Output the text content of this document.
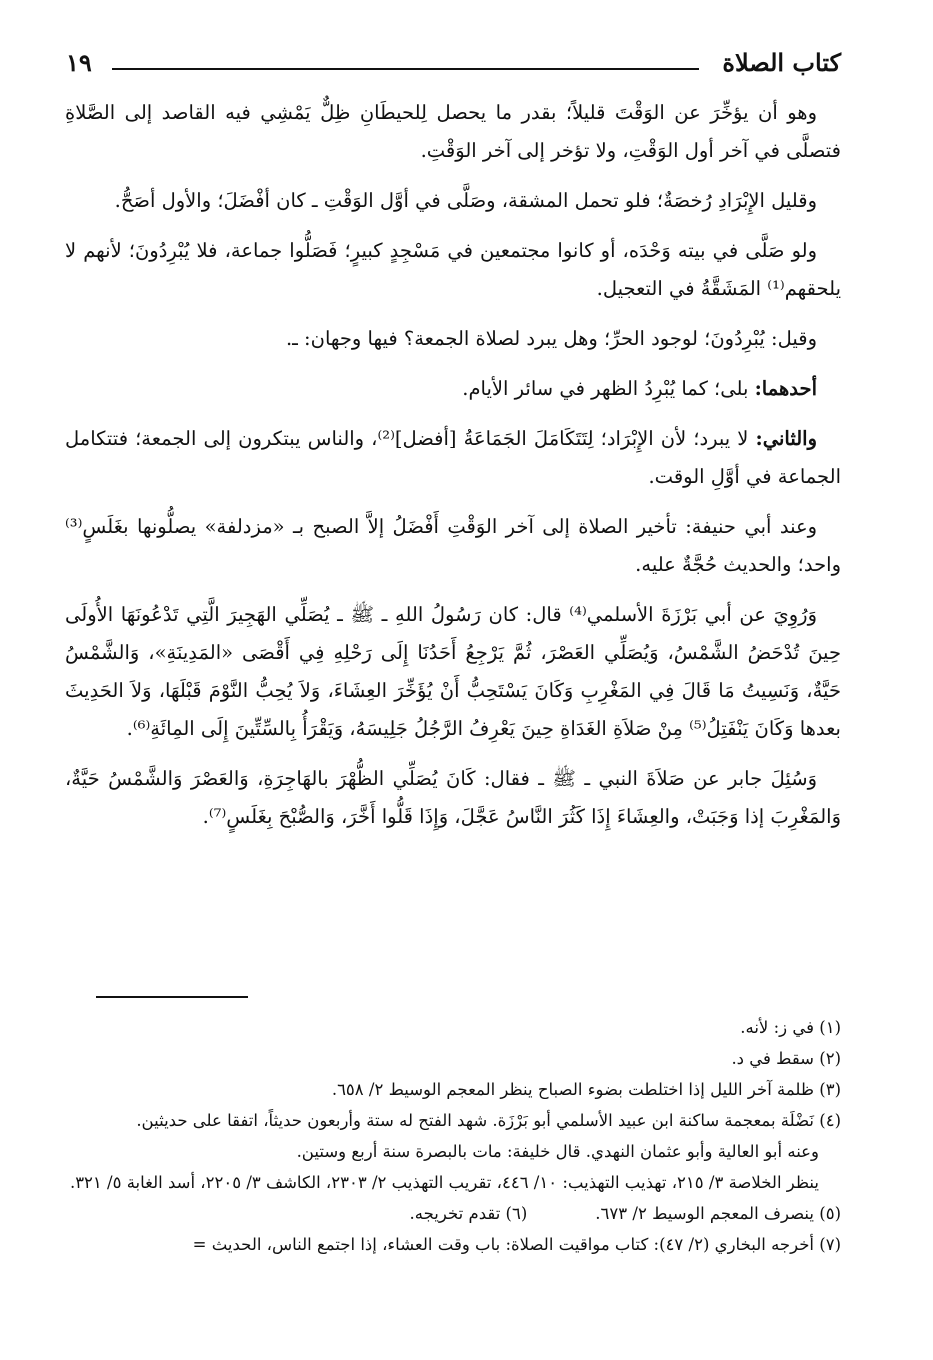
كتاب الصلاة
١٩

وهو أن يؤخِّرَ عن الوَقْتَ قليلاً؛ بقدر ما يحصل لِلحيطَانِ ظِلٌّ يَمْشِي فيه القاصد إلى الصَّلاةِ فتصلَّى في آخر أول الوَقْتِ، ولا تؤخر إلى آخر الوَقْتِ.

وقليل الإِبْرَادِ رُخصَةٌ؛ فلو تحمل المشقة، وصَلَّى في أوَّل الوَقْتِ ـ كان أفْضَلَ؛ والأول أصَحُّ.

ولو صَلَّى في بيته وَحْدَه، أو كانوا مجتمعين في مَسْجِدٍ كبيرٍ؛ فَصَلُّوا جماعة، فلا يُبْرِدُونَ؛ لأنهم لا يلحقهم⁽¹⁾ المَشَقَّةُ في التعجيل.

وقيل: يُبْرِدُونَ؛ لوجود الحرِّ؛ وهل يبرد لصلاة الجمعة؟ فيها وجهان: ـ.

أحدهما: بلى؛ كما يُبْرِدُ الظهر في سائر الأيام.

والثاني: لا يبرد؛ لأن الإِبْرَاد؛ لِتَتَكَامَلَ الجَمَاعَةُ [أفضل]⁽²⁾، والناس يبتكرون إلى الجمعة؛ فتتكامل الجماعة في أوَّلِ الوقت.

وعند أبي حنيفة: تأخير الصلاة إلى آخر الوَقْتِ أَفْضَلُ إلاَّ الصبح بـ «مزدلفة» يصلُّونها بغَلَسٍ⁽³⁾ واحد؛ والحديث حُجَّةٌ عليه.

وَرُوِيَ عن أبي بَرْزَةَ الأسلمي⁽⁴⁾ قال: كان رَسُولُ اللهِ ـ ﷺ ـ يُصَلِّي الهَجِيرَ الَّتِي تَدْعُونَهَا الأُولَى حِينَ تُدْحَضُ الشَّمْسُ، وَيُصَلِّي العَصْرَ، ثُمَّ يَرْجِعُ أَحَدُنَا إِلَى رَحْلِهِ فِي أَقْصَى «المَدِينَةِ»، وَالشَّمْسُ حَيَّةٌ، وَنَسِيتُ مَا قَالَ فِي المَغْرِبِ وَكَانَ يَسْتَحِبُّ أَنْ يُؤَخِّرَ العِشَاءَ، وَلاَ يُحِبُّ النَّوْمَ قَبْلَهَا، وَلاَ الحَدِيثَ بعدها وَكَانَ يَنْفَتِلُ⁽⁵⁾ مِنْ صَلاَةِ الغَدَاةِ حِينَ يَعْرِفُ الرَّجُلُ جَلِيسَهُ، وَيَقْرَأُ بِالسِّتِّينَ إِلَى المِائَةِ⁽⁶⁾.

وَسُئِلَ جابر عن صَلاَةَ النبي ـ ﷺ ـ فقال: كَانَ يُصَلِّي الظُّهْرَ بالهَاجِرَةِ، وَالعَصْرَ وَالشَّمْسُ حَيَّةٌ، وَالمَغْرِبَ إذا وَجَبَتْ، والعِشَاءَ إِذَا كَثُرَ النَّاسُ عَجَّلَ، وَإِذَا قَلُّوا أَخَّرَ، وَالصُّبْحَ بِغَلَسٍ⁽⁷⁾.

(١) في ز: لأنه.

(٢) سقط في د.

(٣) ظلمة آخر الليل إذا اختلطت بضوء الصباح ينظر المعجم الوسيط ٢/ ٦٥٨.

(٤) نَضْلَة بمعجمة ساكنة ابن عبيد الأسلمي أبو بَرْزَة. شهد الفتح له ستة وأربعون حديثاً، اتفقا على حديثين.

وعنه أبو العالية وأبو عثمان النهدي. قال خليفة: مات بالبصرة سنة أربع وستين.

ينظر الخلاصة ٣/ ٢١٥، تهذيب التهذيب: ١٠/ ٤٤٦، تقريب التهذيب ٢/ ٢٣٠٣، الكاشف ٣/ ٢٢٠٥، أسد الغابة ٥/ ٣٢١.

(٥) ينصرف المعجم الوسيط ٢/ ٦٧٣.

(٦) تقدم تخريجه.

(٧) أخرجه البخاري (٢/ ٤٧): كتاب مواقيت الصلاة: باب وقت العشاء، إذا اجتمع الناس، الحديث =
